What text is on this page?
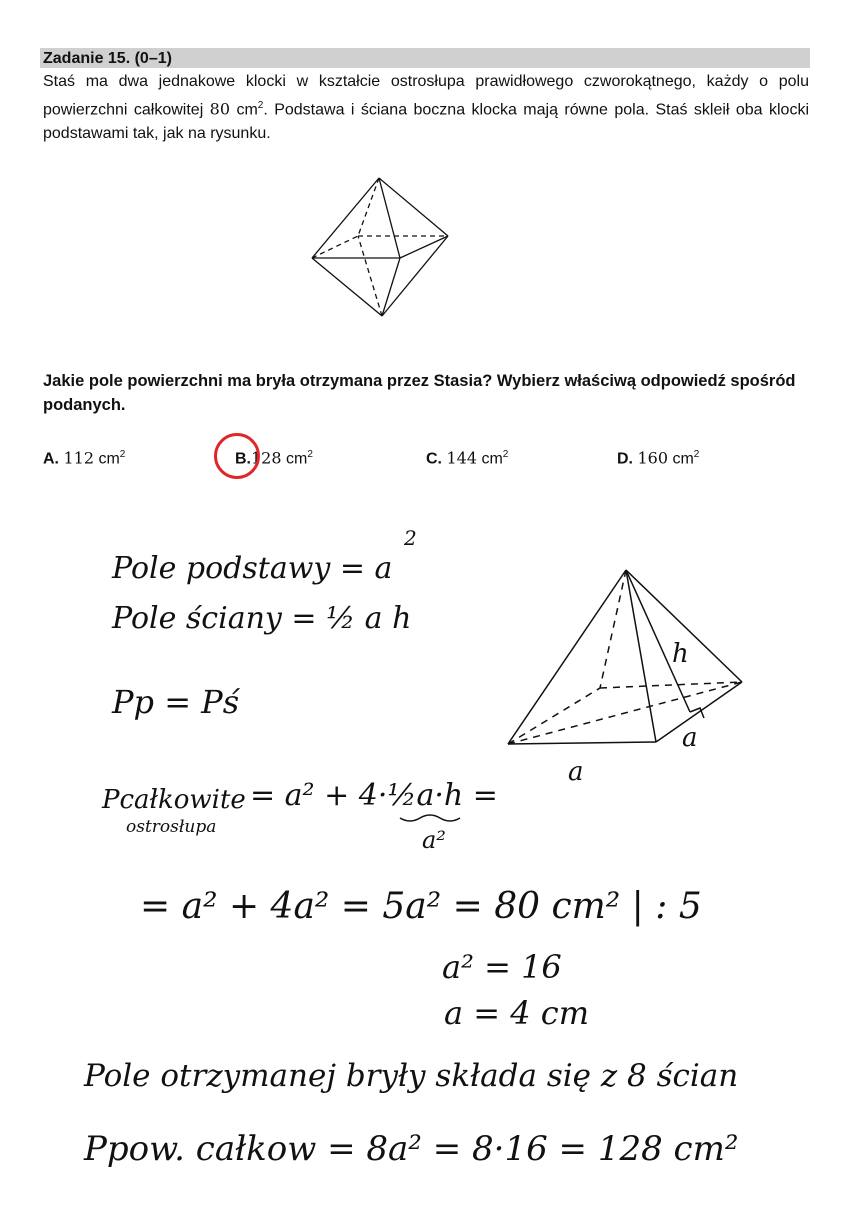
Zadanie 15. (0–1)
Staś ma dwa jednakowe klocki w kształcie ostrosłupa prawidłowego czworokątnego, każdy o polu powierzchni całkowitej 80 $cm^2$. Podstawa i ściana boczna klocka mają równe pola. Staś skleił oba klocki podstawami tak, jak na rysunku.
Jakie pole powierzchni ma bryła otrzymana przez Stasia? Wybierz właściwą odpowiedź spośród podanych.
A. 112 $cm^2$	B.128 $cm^2$	C. 144 $cm^2$	D. 160 $cm^2$
Pole podstawy = a
2
Pole ściany = ½ a h
Pp = Pś
Pcałkowite
ostrosłupa
= a² + 4·½a·h =
a²
= a² + 4a² = 5a² = 80 cm² | : 5
a² = 16
a = 4 cm
Pole otrzymanej bryły składa się z 8 ścian
Ppow. całkow = 8a² = 8·16 = 128 cm²
h
a
a
